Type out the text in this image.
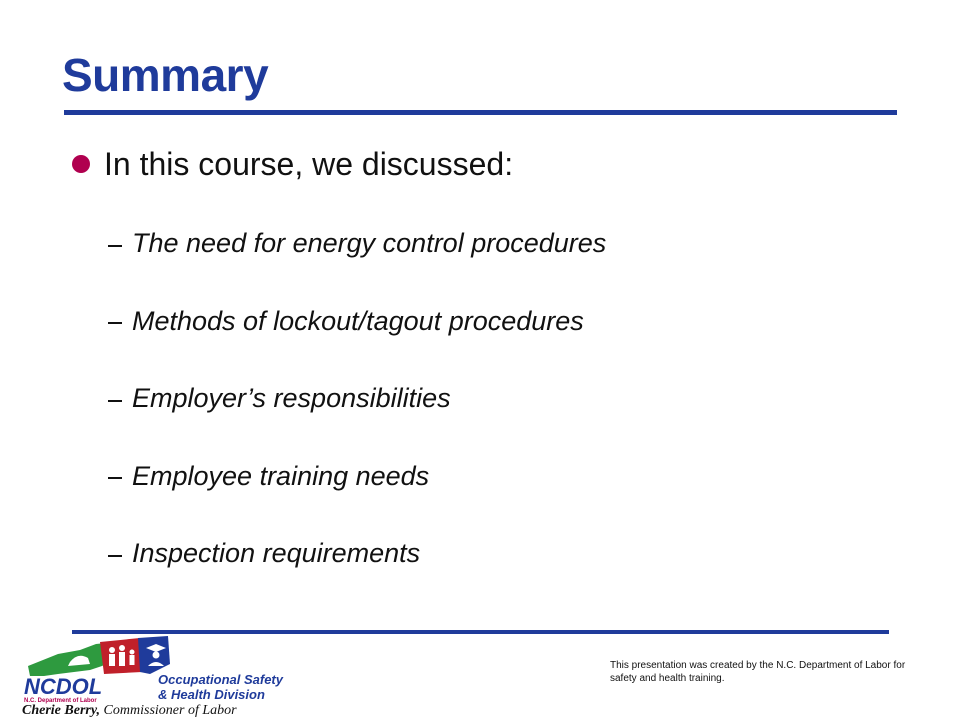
Summary
In this course, we discussed:
The need for energy control procedures
Methods of lockout/tagout procedures
Employer’s responsibilities
Employee training needs
Inspection requirements
NCDOL
N.C. Department of Labor
Occupational Safety
& Health Division
Cherie Berry, Commissioner of Labor
This presentation was created by the N.C. Department of Labor for safety and health training.
